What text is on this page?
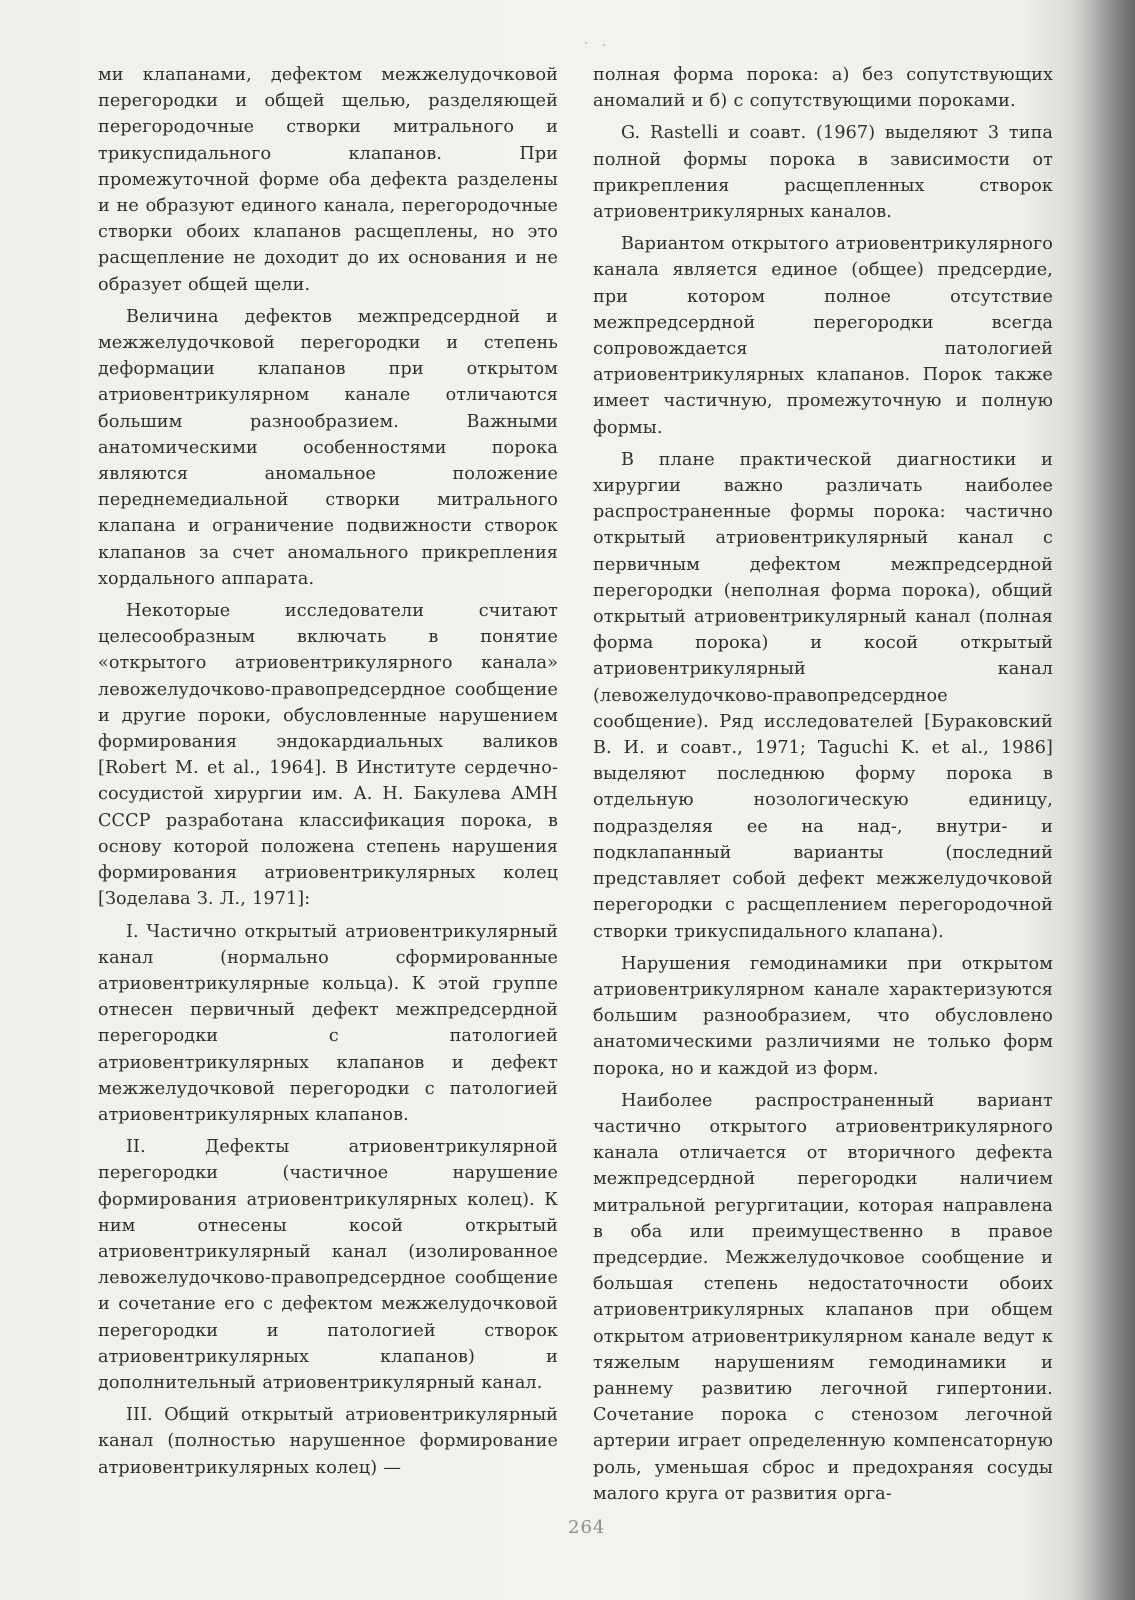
ми клапанами, дефектом межжелудочковой перегородки и общей щелью, разделяющей перегородочные створки митрального и трикуспидального клапанов. При промежуточной форме оба дефекта разделены и не образуют единого канала, перегородочные створки обоих клапанов расщеплены, но это расщепление не доходит до их основания и не образует общей щели.

Величина дефектов межпредсердной и межжелудочковой перегородки и степень деформации клапанов при открытом атриовентрикулярном канале отличаются большим разнообразием. Важными анатомическими особенностями порока являются аномальное положение переднемедиальной створки митрального клапана и ограничение подвижности створок клапанов за счет аномального прикрепления хордального аппарата.

Некоторые исследователи считают целесообразным включать в понятие «открытого атриовентрикулярного канала» левожелудочково-правопредсердное сообщение и другие пороки, обусловленные нарушением формирования эндокардиальных валиков [Robert M. et al., 1964]. В Институте сердечно-сосудистой хирургии им. А. Н. Бакулева АМН СССР разработана классификация порока, в основу которой положена степень нарушения формирования атриовентрикулярных колец [Зоделава З. Л., 1971]:

I. Частично открытый атриовентрикулярный канал (нормально сформированные атриовентрикулярные кольца). К этой группе отнесен первичный дефект межпредсердной перегородки с патологией атриовентрикулярных клапанов и дефект межжелудочковой перегородки с патологией атриовентрикулярных клапанов.

II. Дефекты атриовентрикулярной перегородки (частичное нарушение формирования атриовентрикулярных колец). К ним отнесены косой открытый атриовентрикулярный канал (изолированное левожелудочково-правопредсердное сообщение и сочетание его с дефектом межжелудочковой перегородки и патологией створок атриовентрикулярных клапанов) и дополнительный атриовентрикулярный канал.

III. Общий открытый атриовентрикулярный канал (полностью нарушенное формирование атриовентрикулярных колец) —

полная форма порока: а) без сопутствующих аномалий и б) с сопутствующими пороками.

G. Rastelli и соавт. (1967) выделяют 3 типа полной формы порока в зависимости от прикрепления расщепленных створок атриовентрикулярных каналов.

Вариантом открытого атриовентрикулярного канала является единое (общее) предсердие, при котором полное отсутствие межпредсердной перегородки всегда сопровождается патологией атриовентрикулярных клапанов. Порок также имеет частичную, промежуточную и полную формы.

В плане практической диагностики и хирургии важно различать наиболее распространенные формы порока: частично открытый атриовентрикулярный канал с первичным дефектом межпредсердной перегородки (неполная форма порока), общий открытый атриовентрикулярный канал (полная форма порока) и косой открытый атриовентрикулярный канал (левожелудочково-правопредсердное сообщение). Ряд исследователей [Бураковский В. И. и соавт., 1971; Taguchi K. et al., 1986] выделяют последнюю форму порока в отдельную нозологическую единицу, подразделяя ее на над-, внутри- и подклапанный варианты (последний представляет собой дефект межжелудочковой перегородки с расщеплением перегородочной створки трикуспидального клапана).

Нарушения гемодинамики при открытом атриовентрикулярном канале характеризуются большим разнообразием, что обусловлено анатомическими различиями не только форм порока, но и каждой из форм.

Наиболее распространенный вариант частично открытого атриовентрикулярного канала отличается от вторичного дефекта межпредсердной перегородки наличием митральной регургитации, которая направлена в оба или преимущественно в правое предсердие. Межжелудочковое сообщение и большая степень недостаточности обоих атриовентрикулярных клапанов при общем открытом атриовентрикулярном канале ведут к тяжелым нарушениям гемодинамики и раннему развитию легочной гипертонии. Сочетание порока с стенозом легочной артерии играет определенную компенсаторную роль, уменьшая сброс и предохраняя сосуды малого круга от развития орга-

264
